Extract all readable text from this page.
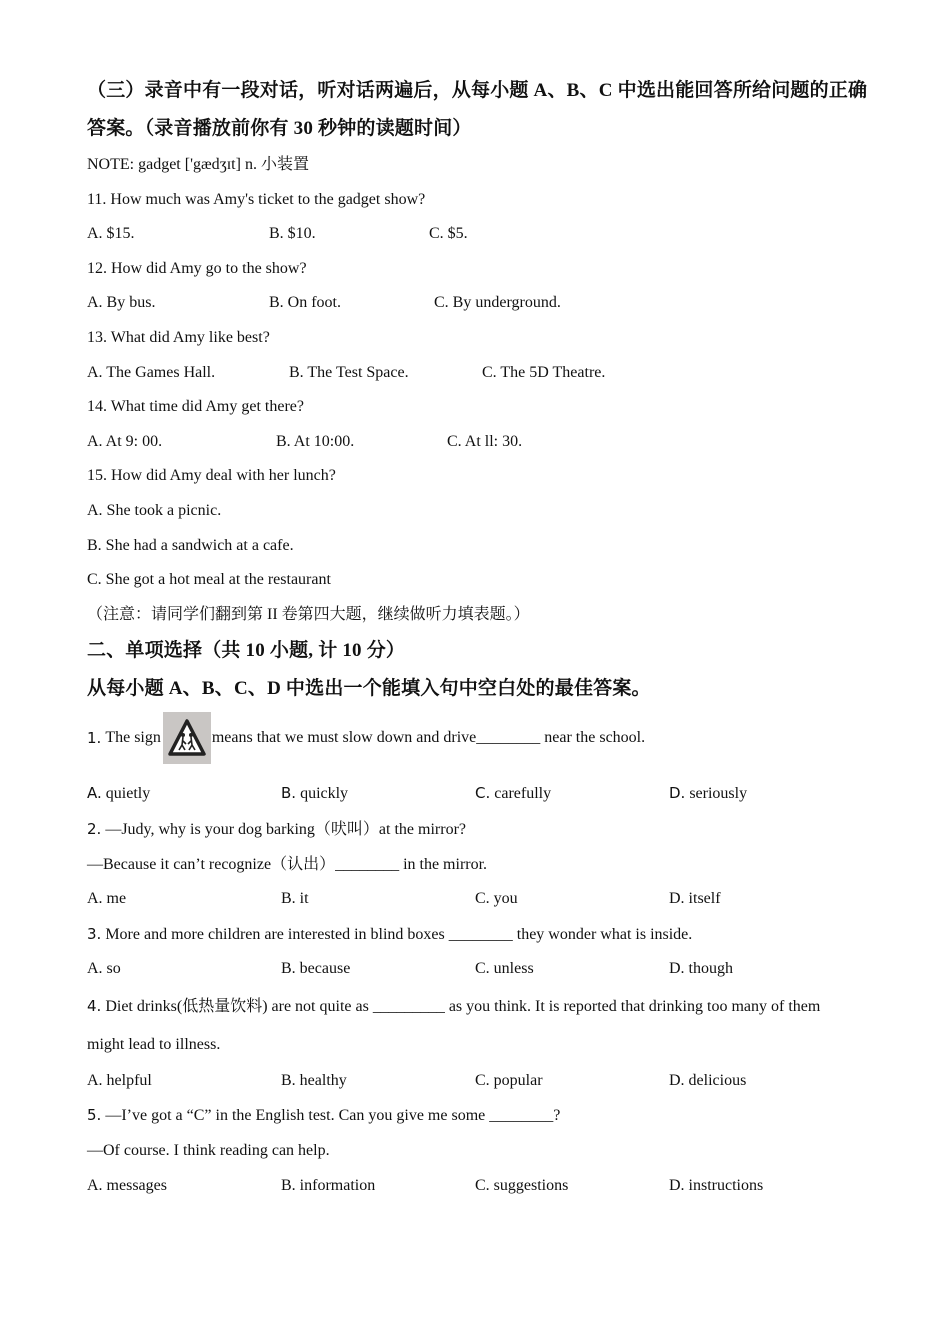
（三）录音中有一段对话，听对话两遍后，从每小题 A、B、C 中选出能回答所给问题的正确

答案。（录音播放前你有 30 秒钟的读题时间）

NOTE: gadget ['gædʒɪt] n. 小装置

11. How much was Amy's ticket to the gadget show?

A. $15.	B. $10.	C. $5.

12. How did Amy go to the show?

A. By bus.	B. On foot.	C. By underground.

13. What did Amy like best?

A. The Games Hall.	B. The Test Space.	C. The 5D Theatre.

14. What time did Amy get there?

A. At 9: 00.	B. At 10:00.	C. At ll: 30.

15. How did Amy deal with her lunch?

A. She took a picnic.

B. She had a sandwich at a cafe.

C. She got a hot meal at the restaurant

（注意：请同学们翻到第 II 卷第四大题，继续做听力填表题。）

二、单项选择（共 10 小题, 计 10 分）

从每小题 A、B、C、D 中选出一个能填入句中空白处的最佳答案。

1.
The sign	means that we must slow down and drive________ near the school.
A. quietly	B. quickly	C. carefully	D. seriously

2. —Judy, why is your dog barking（吠叫）at the mirror?

—Because it can’t recognize（认出）________ in the mirror.

A. me	B. it	C. you	D. itself

3. More and more children are interested in blind boxes ________ they wonder what is inside.

A. so	B. because	C. unless	D. though

4. Diet drinks(低热量饮料) are not quite as _________ as you think. It is reported that drinking too many of them

might lead to illness.

A. helpful	B. healthy	C. popular	D. delicious

5. —I’ve got a “C” in the English test. Can you give me some ________?

—Of course. I think reading can help.

A. messages	B. information	C. suggestions	D. instructions
